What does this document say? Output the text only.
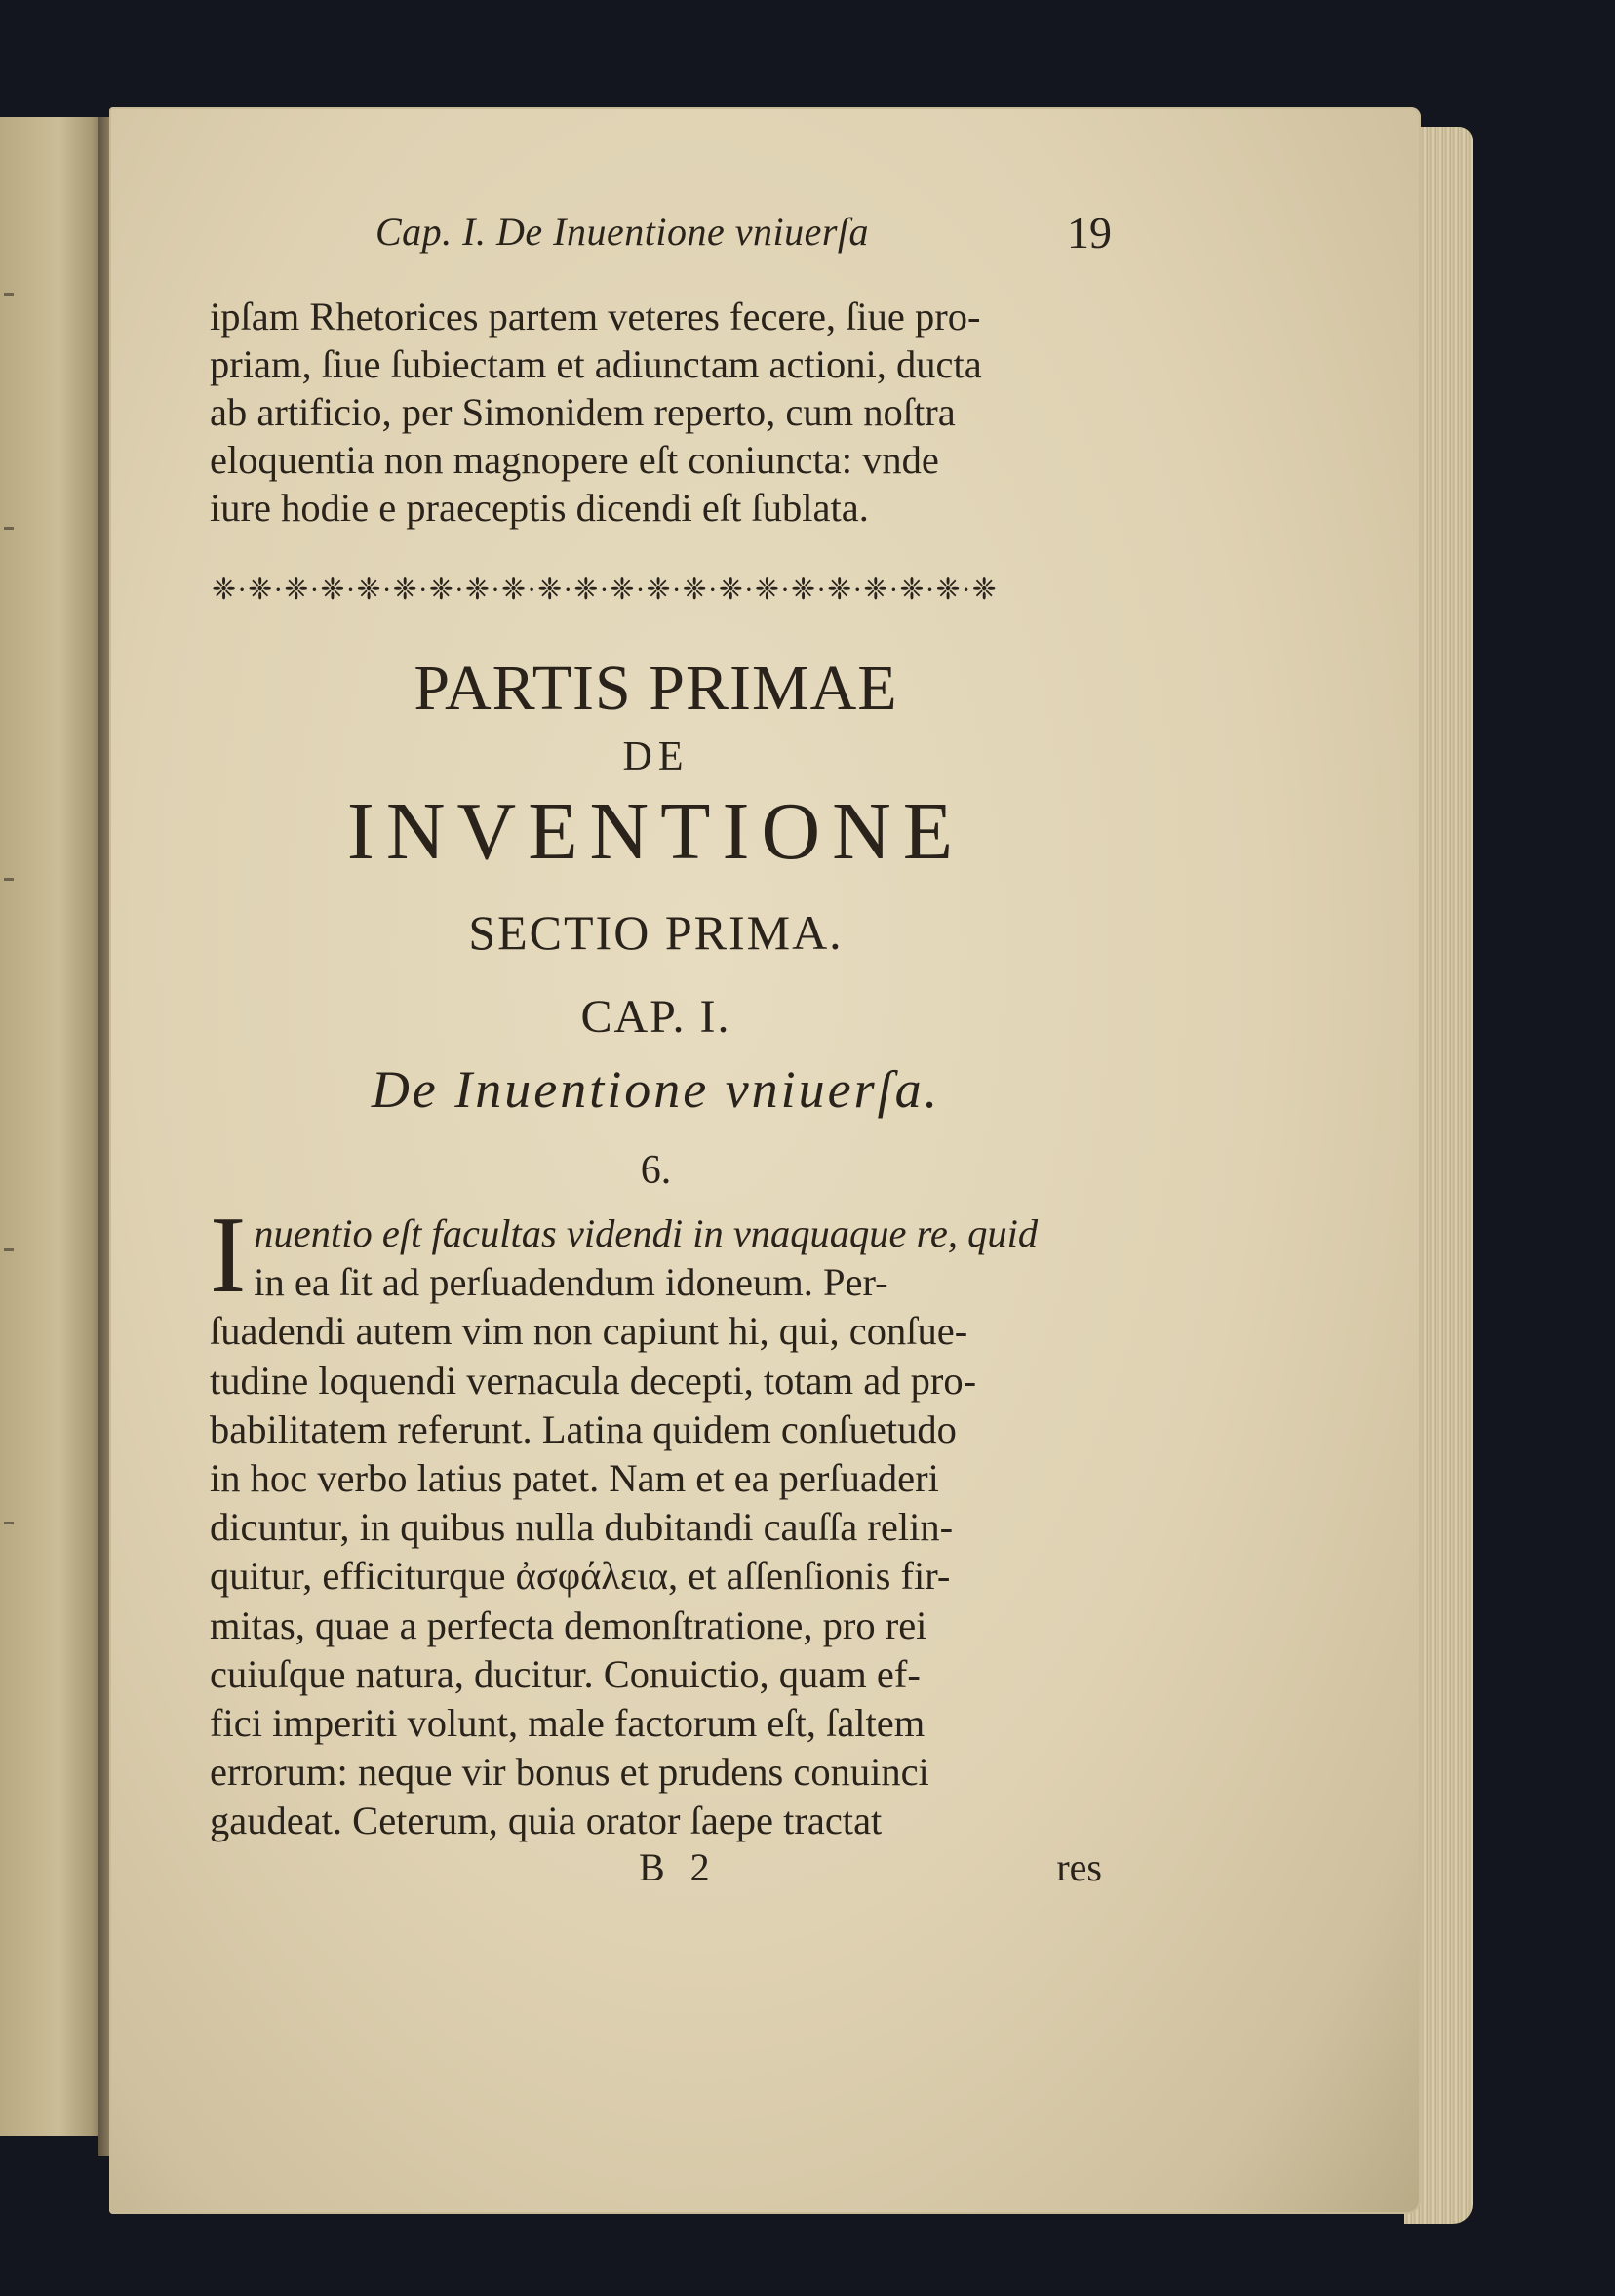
Cap. I. De Inuentione vniuerſa	19
ipſam Rhetorices partem veteres fecere, ſiue pro-
priam, ſiue ſubiectam et adiunctam actioni, ducta
ab artificio, per Simonidem reperto, cum noſtra
eloquentia non magnopere eſt coniuncta: vnde
iure hodie e praeceptis dicendi eſt ſublata.
❈·❈·❈·❈·❈·❈·❈·❈·❈·❈·❈·❈·❈·❈·❈·❈·❈·❈·❈·❈·❈·❈
PARTIS PRIMAE
DE
INVENTIONE
SECTIO PRIMA.
CAP. I.
De Inuentione vniuerſa.
6.
I nuentio eſt facultas videndi in vnaquaque re, quid
in ea ſit ad perſuadendum idoneum. Per-
ſuadendi autem vim non capiunt hi, qui, conſue-
tudine loquendi vernacula decepti, totam ad pro-
babilitatem referunt. Latina quidem conſuetudo
in hoc verbo latius patet. Nam et ea perſuaderi
dicuntur, in quibus nulla dubitandi cauſſa relin-
quitur, efficiturque ἀσφάλεια, et aſſenſionis fir-
mitas, quae a perfecta demonſtratione, pro rei
cuiuſque natura, ducitur. Conuictio, quam ef-
fici imperiti volunt, male factorum eſt, ſaltem
errorum: neque vir bonus et prudens conuinci
gaudeat. Ceterum, quia orator ſaepe tractat
B 2	res
